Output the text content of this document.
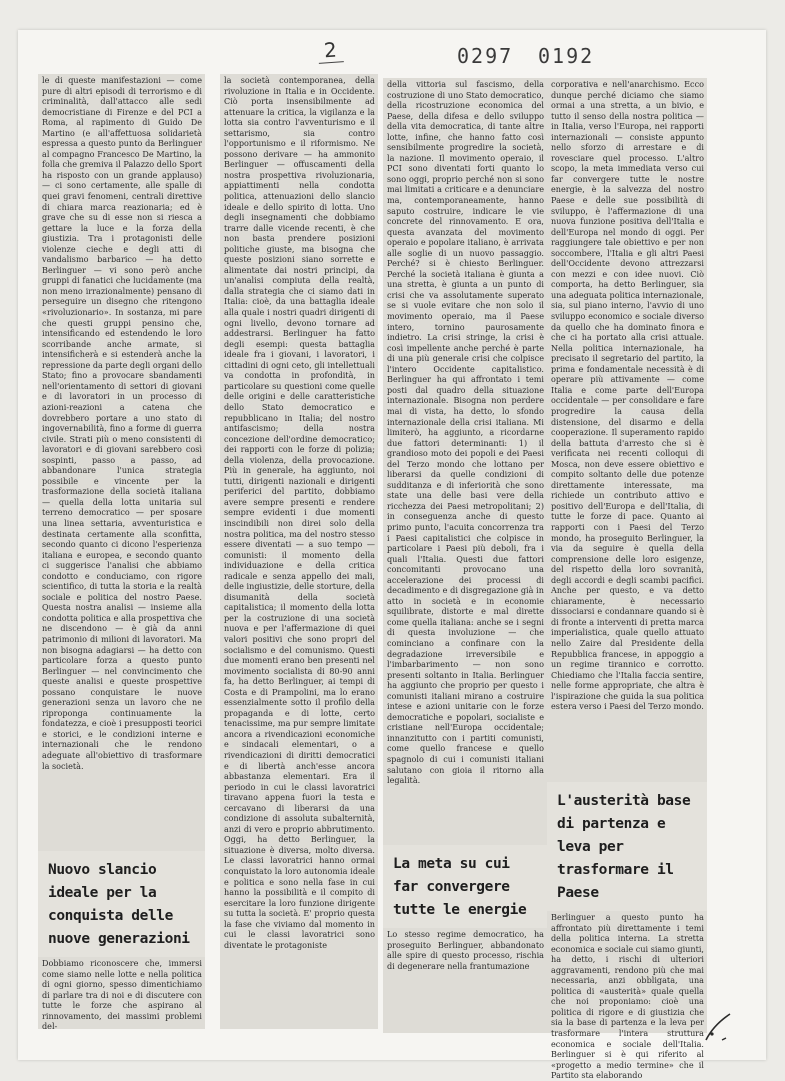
2	0297 0192
le di queste manifestazioni — come pure di altri episodi di terrorismo e di criminalità, dall'attacco alle sedi democristiane di Firenze e del PCI a Roma, al rapimento di Guido De Martino (e all'affettuosa solidarietà espressa a questo punto da Berlinguer al compagno Francesco De Martino, la folla che gremiva il Palazzo dello Sport ha risposto con un grande applauso) — ci sono certamente, alle spalle di quei gravi fenomeni, centrali direttive di chiara marca reazionaria; ed è grave che su di esse non si riesca a gettare la luce e la forza della giustizia. Tra i protagonisti delle violenze cieche e degli atti di vandalismo barbarico — ha detto Berlinguer — vi sono però anche gruppi di fanatici che lucidamente (ma non meno irrazionalmente) pensano di perseguire un disegno che ritengono «rivoluzionario». In sostanza, mi pare che questi gruppi pensino che, intensificando ed estendendo le loro scorribande anche armate, si intensificherà e si estenderà anche la repressione da parte degli organi dello Stato; fino a provocare sbandamenti nell'orientamento di settori di giovani e di lavoratori in un processo di azioni-reazioni a catena che dovrebbero portare a uno stato di ingovernabilità, fino a forme di guerra civile. Strati più o meno consistenti di lavoratori e di giovani sarebbero così sospinti, passo a passo, ad abbandonare l'unica strategia possibile e vincente per la trasformazione della società italiana — quella della lotta unitaria sul terreno democratico — per sposare una linea settaria, avventuristica e destinata certamente alla sconfitta, secondo quanto ci dicono l'esperienza italiana e europea, e secondo quanto ci suggerisce l'analisi che abbiamo condotto e conduciamo, con rigore scientifico, di tutta la storia e la realtà sociale e politica del nostro Paese. Questa nostra analisi — insieme alla condotta politica e alla prospettiva che ne discendono — è già da anni patrimonio di milioni di lavoratori. Ma non bisogna adagiarsi — ha detto con particolare forza a questo punto Berlinguer — nel convincimento che queste analisi e queste prospettive possano conquistare le nuove generazioni senza un lavoro che ne riproponga continuamente la fondatezza, e cioè i presupposti teorici e storici, e le condizioni interne e internazionali che le rendono adeguate all'obiettivo di trasformare la società.
Nuovo slancio ideale per la conquista delle nuove generazioni
Dobbiamo riconoscere che, immersi come siamo nelle lotte e nella politica di ogni giorno, spesso dimentichiamo di parlare tra di noi e di discutere con tutte le forze che aspirano al rinnovamento, dei massimi problemi del-
la società contemporanea, della rivoluzione in Italia e in Occidente. Ciò porta insensibilmente ad attenuare la critica, la vigilanza e la lotta sia contro l'avventurismo e il settarismo, sia contro l'opportunismo e il riformismo. Ne possono derivare — ha ammonito Berlinguer — offuscamenti della nostra prospettiva rivoluzionaria, appiattimenti nella condotta politica, attenuazioni dello slancio ideale e dello spirito di lotta. Uno degli insegnamenti che dobbiamo trarre dalle vicende recenti, è che non basta prendere posizioni politiche giuste, ma bisogna che queste posizioni siano sorrette e alimentate dai nostri principi, da un'analisi compiuta della realtà, dalla strategia che ci siamo dati in Italia: cioè, da una battaglia ideale alla quale i nostri quadri dirigenti di ogni livello, devono tornare ad addestrarsi. Berlinguer ha fatto degli esempi: questa battaglia ideale fra i giovani, i lavoratori, i cittadini di ogni ceto, gli intellettuali va condotta in profondità, in particolare su questioni come quelle delle origini e delle caratteristiche dello Stato democratico e repubblicano in Italia; del nostro antifascismo; della nostra concezione dell'ordine democratico; dei rapporti con le forze di polizia; della violenza, della provocazione. Più in generale, ha aggiunto, noi tutti, dirigenti nazionali e dirigenti periferici del partito, dobbiamo avere sempre presenti e rendere sempre evidenti i due momenti inscindibili non direi solo della nostra politica, ma del nostro stesso essere diventati — a suo tempo — comunisti: il momento della individuazione e della critica radicale e senza appello dei mali, delle ingiustizie, delle storture, della disumanità della società capitalistica; il momento della lotta per la costruzione di una società nuova e per l'affermazione di quei valori positivi che sono propri del socialismo e del comunismo. Questi due momenti erano ben presenti nel movimento socialista di 80-90 anni fa, ha detto Berlinguer, ai tempi di Costa e di Prampolini, ma lo erano essenzialmente sotto il profilo della propaganda e di lotte, certo tenacissime, ma pur sempre limitate ancora a rivendicazioni economiche e sindacali elementari, o a rivendicazioni di diritti democratici e di libertà anch'esse ancora abbastanza elementari. Era il periodo in cui le classi lavoratrici tiravano appena fuori la testa e cercavano di liberarsi da una condizione di assoluta subalternità, anzi di vero e proprio abbrutimento. Oggi, ha detto Berlinguer, la situazione è diversa, molto diversa. Le classi lavoratrici hanno ormai conquistato la loro autonomia ideale e politica e sono nella fase in cui hanno la possibilità e il compito di esercitare la loro funzione dirigente su tutta la società. E' proprio questa la fase che viviamo dal momento in cui le classi lavoratrici sono diventate le protagoniste
della vittoria sul fascismo, della costruzione di uno Stato democratico, della ricostruzione economica del Paese, della difesa e dello sviluppo della vita democratica, di tante altre lotte, infine, che hanno fatto così sensibilmente progredire la società, la nazione. Il movimento operaio, il PCI sono diventati forti quanto lo sono oggi, proprio perché non si sono mai limitati a criticare e a denunciare ma, contemporaneamente, hanno saputo costruire, indicare le vie concrete del rinnovamento. E ora, questa avanzata del movimento operaio e popolare italiano, è arrivata alle soglie di un nuovo passaggio. Perché? si è chiesto Berlinguer. Perché la società italiana è giunta a una stretta, è giunta a un punto di crisi che va assolutamente superato se si vuole evitare che non solo il movimento operaio, ma il Paese intero, tornino paurosamente indietro. La crisi stringe, la crisi è così impellente anche perché è parte di una più generale crisi che colpisce l'intero Occidente capitalistico. Berlinguer ha qui affrontato i temi posti dal quadro della situazione internazionale. Bisogna non perdere mai di vista, ha detto, lo sfondo internazionale della crisi italiana. Mi limiterò, ha aggiunto, a ricordarne due fattori determinanti: 1) il grandioso moto dei popoli e dei Paesi del Terzo mondo che lottano per liberarsi da quelle condizioni di sudditanza e di inferiorità che sono state una delle basi vere della ricchezza dei Paesi metropolitani; 2) in conseguenza anche di questo primo punto, l'acuita concorrenza tra i Paesi capitalistici che colpisce in particolare i Paesi più deboli, fra i quali l'Italia. Questi due fattori concomitanti provocano una accelerazione dei processi di decadimento e di disgregazione già in atto in società e in economie squilibrate, distorte e mal dirette come quella italiana: anche se i segni di questa involuzione — che cominciano a confinare con la degradazione irreversibile e l'imbarbarimento — non sono presenti soltanto in Italia. Berlinguer ha aggiunto che proprio per questo i comunisti italiani mirano a costruire intese e azioni unitarie con le forze democratiche e popolari, socialiste e cristiane nell'Europa occidentale; innanzitutto con i partiti comunisti, come quello francese e quello spagnolo di cui i comunisti italiani salutano con gioia il ritorno alla legalità.
La meta su cui far convergere tutte le energie
Lo stesso regime democratico, ha proseguito Berlinguer, abbandonato alle spire di questo processo, rischia di degenerare nella frantumazione
corporativa e nell'anarchismo. Ecco dunque perché diciamo che siamo ormai a una stretta, a un bivio, e tutto il senso della nostra politica — in Italia, verso l'Europa, nei rapporti internazionali — consiste appunto nello sforzo di arrestare e di rovesciare quel processo. L'altro scopo, la meta immediata verso cui far convergere tutte le nostre energie, è la salvezza del nostro Paese e delle sue possibilità di sviluppo, è l'affermazione di una nuova funzione positiva dell'Italia e dell'Europa nel mondo di oggi. Per raggiungere tale obiettivo e per non soccombere, l'Italia e gli altri Paesi dell'Occidente devono attrezzarsi con mezzi e con idee nuovi. Ciò comporta, ha detto Berlinguer, sia una adeguata politica internazionale, sia, sul piano interno, l'avvio di uno sviluppo economico e sociale diverso da quello che ha dominato finora e che ci ha portato alla crisi attuale. Nella politica internazionale, ha precisato il segretario del partito, la prima e fondamentale necessità è di operare più attivamente — come Italia e come parte dell'Europa occidentale — per consolidare e fare progredire la causa della distensione, del disarmo e della cooperazione. Il superamento rapido della battuta d'arresto che si è verificata nei recenti colloqui di Mosca, non deve essere obiettivo e compito soltanto delle due potenze direttamente interessate, ma richiede un contributo attivo e positivo dell'Europa e dell'Italia, di tutte le forze di pace. Quanto ai rapporti con i Paesi del Terzo mondo, ha proseguito Berlinguer, la via da seguire è quella della comprensione delle loro esigenze, del rispetto della loro sovranità, degli accordi e degli scambi pacifici. Anche per questo, e va detto chiaramente, è necessario dissociarsi e condannare quando si è di fronte a interventi di pretta marca imperialistica, quale quello attuato nello Zaire dal Presidente della Repubblica francese, in appoggio a un regime tirannico e corrotto. Chiediamo che l'Italia faccia sentire, nelle forme appropriate, che altra è l'ispirazione che guida la sua politica estera verso i Paesi del Terzo mondo.
L'austerità base di partenza e leva per trasformare il Paese
Berlinguer a questo punto ha affrontato più direttamente i temi della politica interna. La stretta economica e sociale cui siamo giunti, ha detto, i rischi di ulteriori aggravamenti, rendono più che mai necessaria, anzi obbligata, una politica di «austerità» quale quella che noi proponiamo: cioè una politica di rigore e di giustizia che sia la base di partenza e la leva per trasformare l'intera struttura economica e sociale dell'Italia. Berlinguer si è qui riferito al «progetto a medio termine» che il Partito sta elaborando
